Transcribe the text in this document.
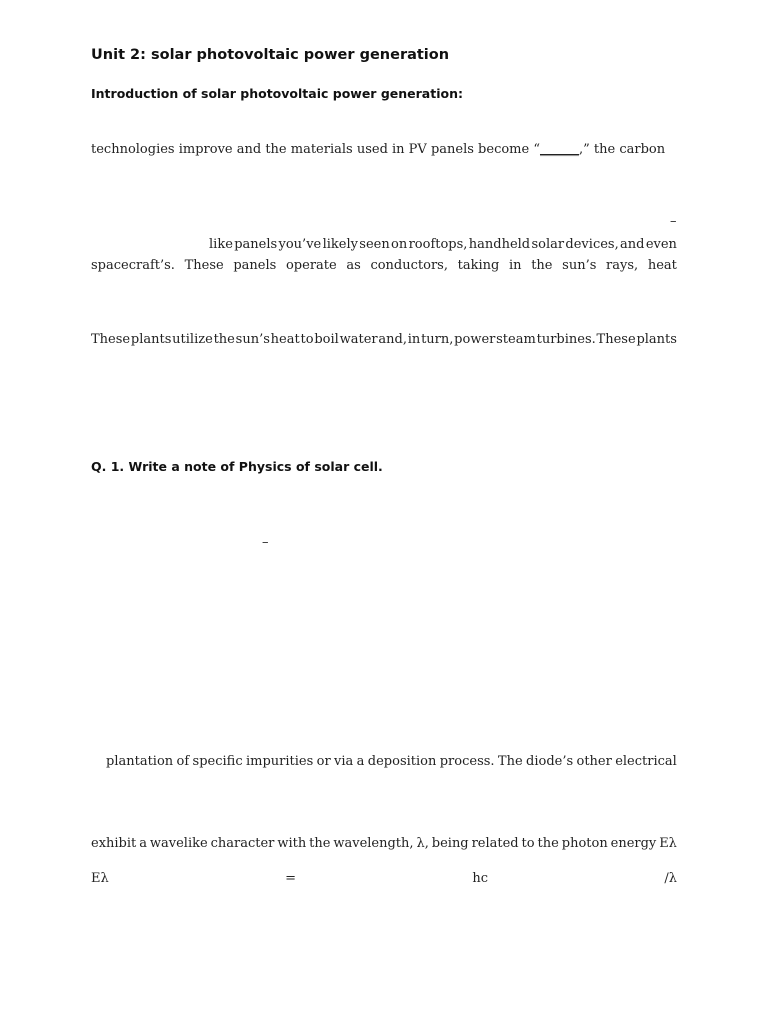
Unit 2: solar photovoltaic power generation
Introduction of solar photovoltaic power generation:
technologies improve and the materials used in PV panels become “______,” the carbon
–
like panels you’ve likely seen on rooftops, handheld solar devices, and even
spacecraft’s. These panels operate as conductors, taking in the sun’s rays, heat
These plants utilize the sun’s heat to boil water and, in turn, power steam turbines. These plants
Q. 1. Write a note of Physics of solar cell.
–
plantation of specific impurities or via a deposition process. The diode’s other electrical
exhibit a wavelike character with the wavelength, λ, being related to the photon energy Eλ
Eλ	=	hc	/λ
